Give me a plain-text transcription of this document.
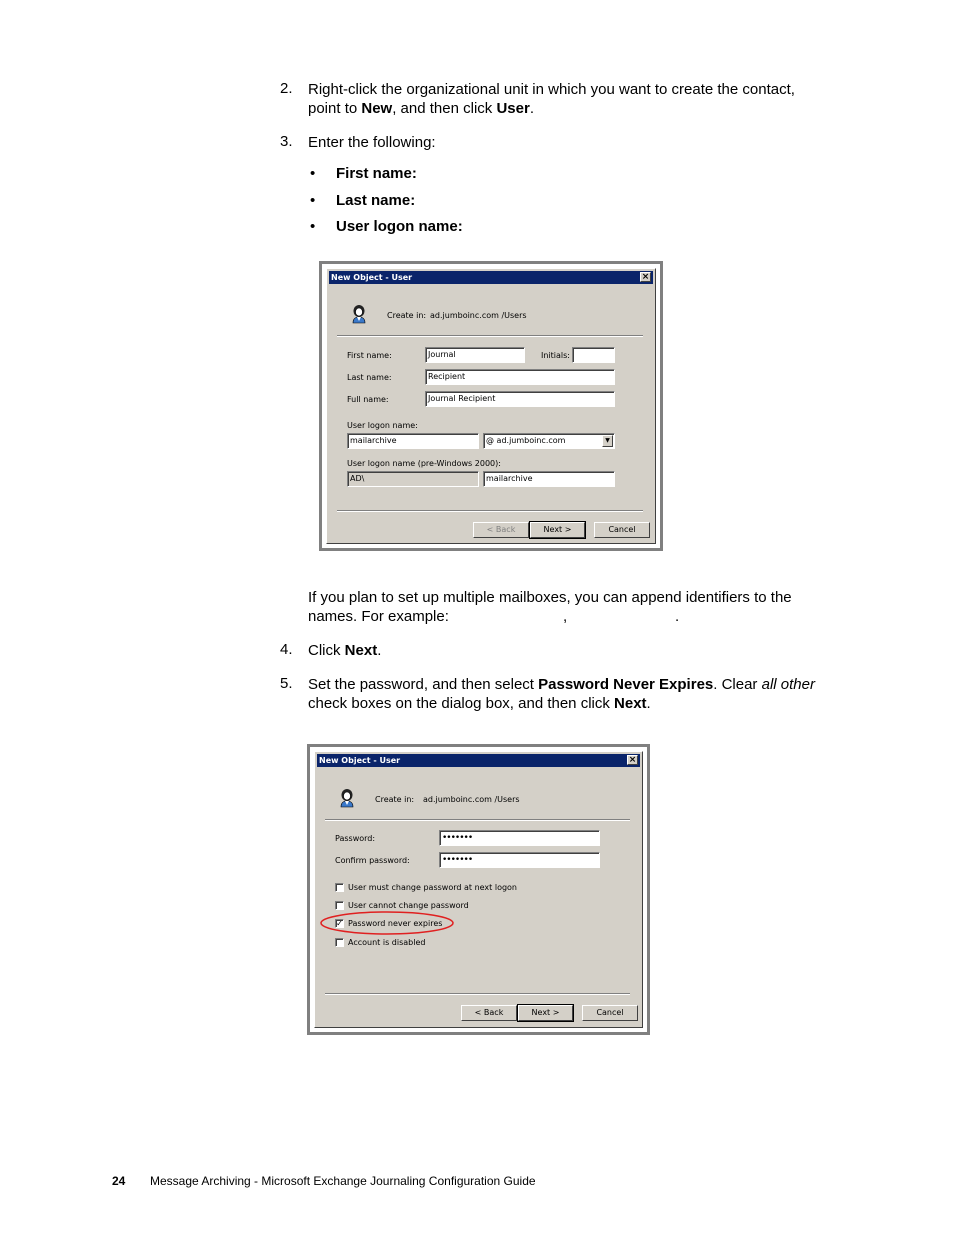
2. Right-click the organizational unit in which you want to create the contact, point to New, and then click User.
3. Enter the following:
• First name:
• Last name:
• User logon name:
New Object - User	×
Create in: ad.jumboinc.com /Users
First name:	Journal	Initials:
Last name:	Recipient
Full name:	Journal Recipient
User logon name:
mailarchive	@ ad.jumboinc.com	▼
User logon name (pre-Windows 2000):
AD\	mailarchive
< Back	Next >	Cancel
If you plan to set up multiple mailboxes, you can append identifiers to the
names. For example:	,	.
4. Click Next.
5. Set the password, and then select Password Never Expires. Clear all other check boxes on the dialog box, and then click Next.
New Object - User	×
Create in: ad.jumboinc.com /Users
Password:	•••••••
Confirm password:	•••••••
User must change password at next logon
User cannot change password
✓ Password never expires
Account is disabled
< Back	Next >	Cancel
24 Message Archiving - Microsoft Exchange Journaling Configuration Guide
